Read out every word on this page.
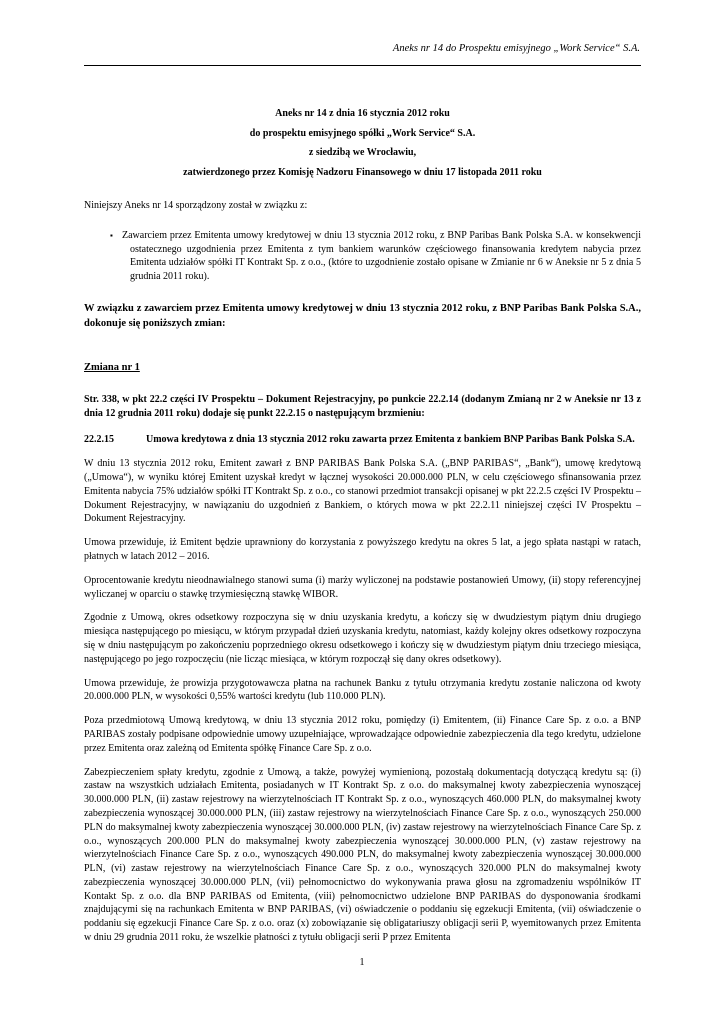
Aneks nr 14 do Prospektu emisyjnego „Work Service“ S.A.
Aneks nr 14 z dnia 16 stycznia 2012 roku
do prospektu emisyjnego spółki „Work Service“ S.A.
z siedzibą we Wrocławiu,
zatwierdzonego przez Komisję Nadzoru Finansowego w dniu 17 listopada 2011 roku

Niniejszy Aneks nr 14 sporządzony został w związku z:

▪ Zawarciem przez Emitenta umowy kredytowej w dniu 13 stycznia 2012 roku, z BNP Paribas Bank Polska S.A. w konsekwencji ostatecznego uzgodnienia przez Emitenta z tym bankiem warunków częściowego finansowania kredytem nabycia przez Emitenta udziałów spółki IT Kontrakt Sp. z o.o., (które to uzgodnienie zostało opisane w Zmianie nr 6 w Aneksie nr 5 z dnia 5 grudnia 2011 roku).

W związku z zawarciem przez Emitenta umowy kredytowej w dniu 13 stycznia 2012 roku, z BNP Paribas Bank Polska S.A., dokonuje się poniższych zmian:

Zmiana nr 1

Str. 338, w pkt 22.2 części IV Prospektu – Dokument Rejestracyjny, po punkcie 22.2.14 (dodanym Zmianą nr 2 w Aneksie nr 13 z dnia 12 grudnia 2011 roku) dodaje się punkt 22.2.15 o następującym brzmieniu:

22.2.15	Umowa kredytowa z dnia 13 stycznia 2012 roku zawarta przez Emitenta z bankiem BNP Paribas Bank Polska S.A.

W dniu 13 stycznia 2012 roku, Emitent zawarł z BNP PARIBAS Bank Polska S.A. („BNP PARIBAS“, „Bank“), umowę kredytową („Umowa“), w wyniku której Emitent uzyskał kredyt w łącznej wysokości 20.000.000 PLN, w celu częściowego sfinansowania przez Emitenta nabycia 75% udziałów spółki IT Kontrakt Sp. z o.o., co stanowi przedmiot transakcji opisanej w pkt 22.2.5 części IV Prospektu – Dokument Rejestracyjny, w nawiązaniu do uzgodnień z Bankiem, o których mowa w pkt 22.2.11 niniejszej części IV Prospektu – Dokument Rejestracyjny.

Umowa przewiduje, iż Emitent będzie uprawniony do korzystania z powyższego kredytu na okres 5 lat, a jego spłata nastąpi w ratach, płatnych w latach 2012 – 2016.

Oprocentowanie kredytu nieodnawialnego stanowi suma (i) marży wyliczonej na podstawie postanowień Umowy, (ii) stopy referencyjnej wyliczanej w oparciu o stawkę trzymiesięczną stawkę WIBOR.

Zgodnie z Umową, okres odsetkowy rozpoczyna się w dniu uzyskania kredytu, a kończy się w dwudziestym piątym dniu drugiego miesiąca następującego po miesiącu, w którym przypadał dzień uzyskania kredytu, natomiast, każdy kolejny okres odsetkowy rozpoczyna się w dniu następującym po zakończeniu poprzedniego okresu odsetkowego i kończy się w dwudziestym piątym dniu trzeciego miesiąca, następującego po jego rozpoczęciu (nie licząc miesiąca, w którym rozpoczął się dany okres odsetkowy).

Umowa przewiduje, że prowizja przygotowawcza płatna na rachunek Banku z tytułu otrzymania kredytu zostanie naliczona od kwoty 20.000.000 PLN, w wysokości 0,55% wartości kredytu (lub 110.000 PLN).

Poza przedmiotową Umową kredytową, w dniu 13 stycznia 2012 roku, pomiędzy (i) Emitentem, (ii) Finance Care Sp. z o.o. a BNP PARIBAS zostały podpisane odpowiednie umowy uzupełniające, wprowadzające odpowiednie zabezpieczenia dla tego kredytu, udzielone przez Emitenta oraz zależną od Emitenta spółkę Finance Care Sp. z o.o.

Zabezpieczeniem spłaty kredytu, zgodnie z Umową, a także, powyżej wymienioną, pozostałą dokumentacją dotyczącą kredytu są: (i) zastaw na wszystkich udziałach Emitenta, posiadanych w IT Kontrakt Sp. z o.o. do maksymalnej kwoty zabezpieczenia wynoszącej 30.000.000 PLN, (ii) zastaw rejestrowy na wierzytelnościach IT Kontrakt Sp. z o.o., wynoszących 460.000 PLN, do maksymalnej kwoty zabezpieczenia wynoszącej 30.000.000 PLN, (iii) zastaw rejestrowy na wierzytelnościach Finance Care Sp. z o.o., wynoszących 250.000 PLN do maksymalnej kwoty zabezpieczenia wynoszącej 30.000.000 PLN, (iv) zastaw rejestrowy na wierzytelnościach Finance Care Sp. z o.o., wynoszących 200.000 PLN do maksymalnej kwoty zabezpieczenia wynoszącej 30.000.000 PLN, (v) zastaw rejestrowy na wierzytelnościach Finance Care Sp. z o.o., wynoszących 490.000 PLN, do maksymalnej kwoty zabezpieczenia wynoszącej 30.000.000 PLN, (vi) zastaw rejestrowy na wierzytelnościach Finance Care Sp. z o.o., wynoszących 320.000 PLN do maksymalnej kwoty zabezpieczenia wynoszącej 30.000.000 PLN, (vii) pełnomocnictwo do wykonywania prawa głosu na zgromadzeniu wspólników IT Kontakt Sp. z o.o. dla BNP PARIBAS od Emitenta, (viii) pełnomocnictwo udzielone BNP PARIBAS do dysponowania środkami znajdującymi się na rachunkach Emitenta w BNP PARIBAS, (vi) oświadczenie o poddaniu się egzekucji Emitenta, (vii) oświadczenie o poddaniu się egzekucji Finance Care Sp. z o.o. oraz (x) zobowiązanie się obligatariuszy obligacji serii P, wyemitowanych przez Emitenta w dniu 29 grudnia 2011 roku, że wszelkie płatności z tytułu obligacji serii P przez Emitenta

1
